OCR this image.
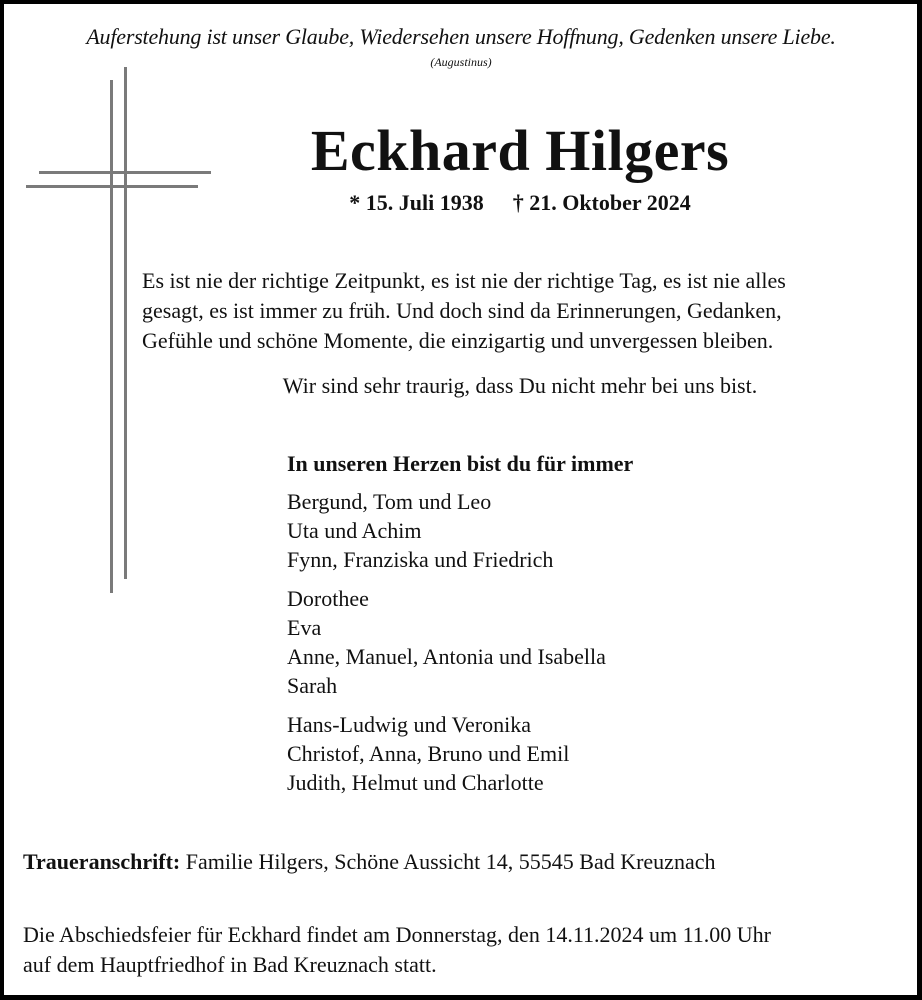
Auferstehung ist unser Glaube, Wiedersehen unsere Hoffnung, Gedenken unsere Liebe.
(Augustinus)
Eckhard Hilgers
* 15. Juli 1938 † 21. Oktober 2024
Es ist nie der richtige Zeitpunkt, es ist nie der richtige Tag, es ist nie alles
gesagt, es ist immer zu früh. Und doch sind da Erinnerungen, Gedanken,
Gefühle und schöne Momente, die einzigartig und unvergessen bleiben.
Wir sind sehr traurig, dass Du nicht mehr bei uns bist.
In unseren Herzen bist du für immer
Bergund, Tom und Leo
Uta und Achim
Fynn, Franziska und Friedrich
Dorothee
Eva
Anne, Manuel, Antonia und Isabella
Sarah
Hans-Ludwig und Veronika
Christof, Anna, Bruno und Emil
Judith, Helmut und Charlotte
Traueranschrift: Familie Hilgers, Schöne Aussicht 14, 55545 Bad Kreuznach
Die Abschiedsfeier für Eckhard findet am Donnerstag, den 14.11.2024 um 11.00 Uhr
auf dem Hauptfriedhof in Bad Kreuznach statt.
